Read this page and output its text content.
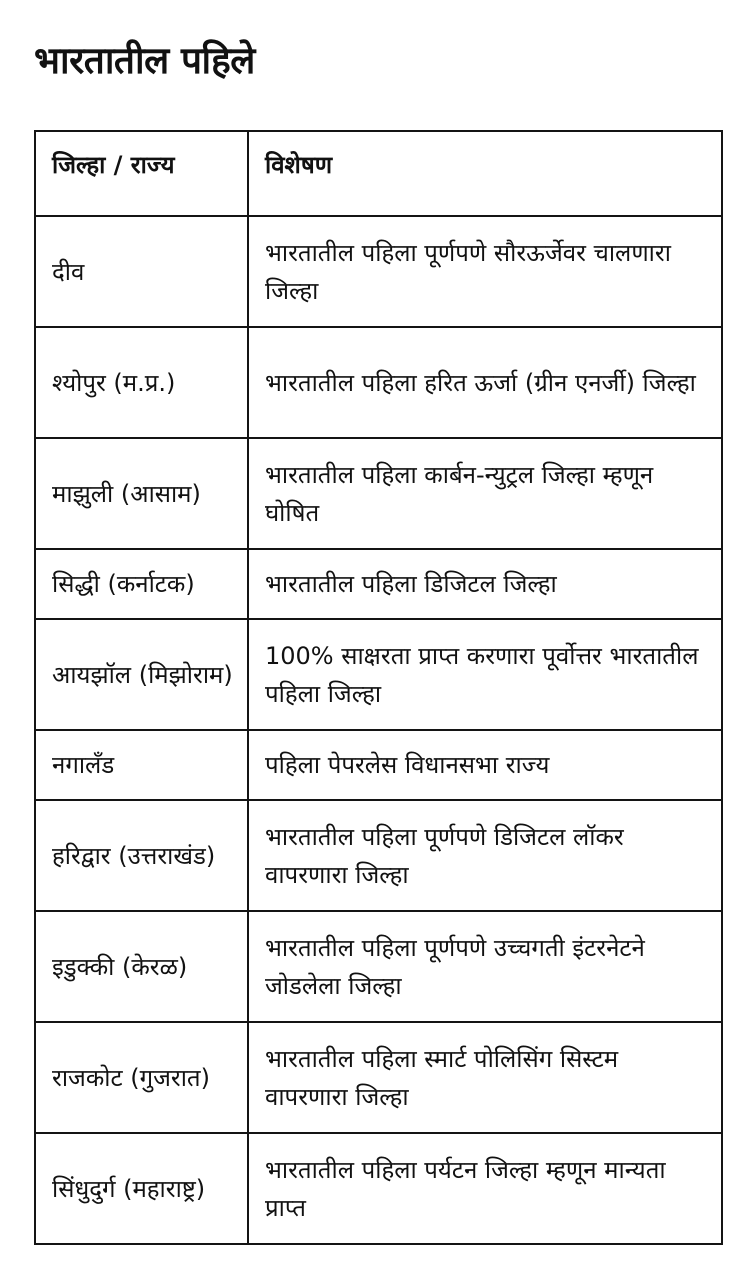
भारतातील पहिले
जिल्हा / राज्य	विशेषण
दीव	भारतातील पहिला पूर्णपणे सौरऊर्जेवर चालणारा जिल्हा
श्योपुर (म.प्र.)	भारतातील पहिला हरित ऊर्जा (ग्रीन एनर्जी) जिल्हा
माझुली (आसाम)	भारतातील पहिला कार्बन-न्युट्रल जिल्हा म्हणून घोषित
सिद्धी (कर्नाटक)	भारतातील पहिला डिजिटल जिल्हा
आयझॉल (मिझोराम)	100% साक्षरता प्राप्त करणारा पूर्वोत्तर भारतातील पहिला जिल्हा
नगालँड	पहिला पेपरलेस विधानसभा राज्य
हरिद्वार (उत्तराखंड)	भारतातील पहिला पूर्णपणे डिजिटल लॉकर वापरणारा जिल्हा
इडुक्की (केरळ)	भारतातील पहिला पूर्णपणे उच्चगती इंटरनेटने जोडलेला जिल्हा
राजकोट (गुजरात)	भारतातील पहिला स्मार्ट पोलिसिंग सिस्टम वापरणारा जिल्हा
सिंधुदुर्ग (महाराष्ट्र)	भारतातील पहिला पर्यटन जिल्हा म्हणून मान्यता प्राप्त
